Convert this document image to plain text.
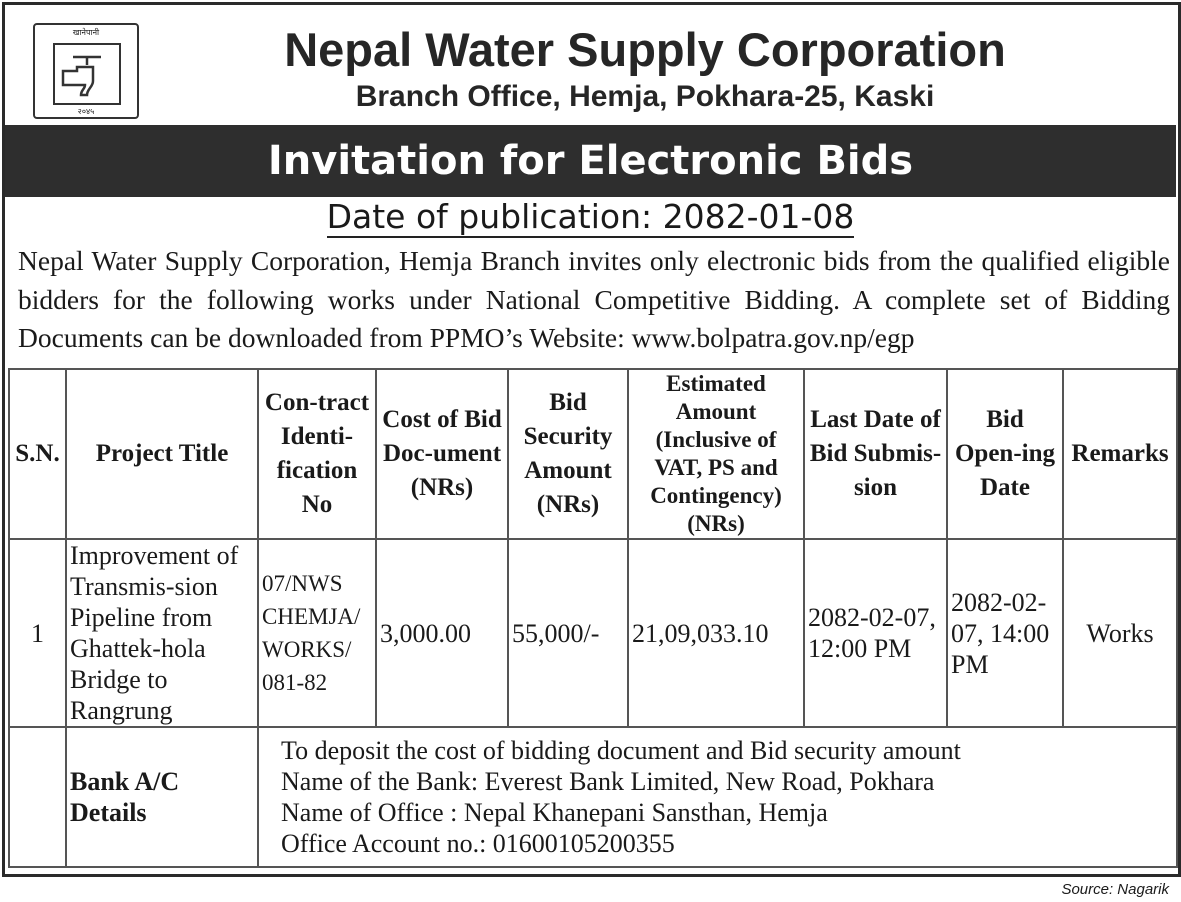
खानेपानी
२०४५
Nepal Water Supply Corporation
Branch Office, Hemja, Pokhara-25, Kaski
Invitation for Electronic Bids
Date of publication: 2082-01-08
Nepal Water Supply Corporation, Hemja Branch invites only electronic bids from the qualified eligible bidders for the following works under National Competitive Bidding. A complete set of Bidding Documents can be downloaded from PPMO’s Website: www.bolpatra.gov.np/egp
S.N.	Project Title	Con-tract Identi-fication No	Cost of Bid Doc-ument (NRs)	Bid Security Amount (NRs)	Estimated Amount (Inclusive of VAT, PS and Contingency) (NRs)	Last Date of Bid Submis-sion	Bid Open-ing Date	Remarks
1	Improvement of Transmis-sion Pipeline from Ghattek-hola Bridge to Rangrung	07/NWS CHEMJA/ WORKS/ 081-82	3,000.00	55,000/-	21,09,033.10	2082-02-07, 12:00 PM	2082-02-07, 14:00 PM	Works
	Bank A/C Details	To deposit the cost of bidding document and Bid security amount
Name of the Bank: Everest Bank Limited, New Road, Pokhara
Name of Office : Nepal Khanepani Sansthan, Hemja
Office Account no.: 01600105200355						
Source: Nagarik
